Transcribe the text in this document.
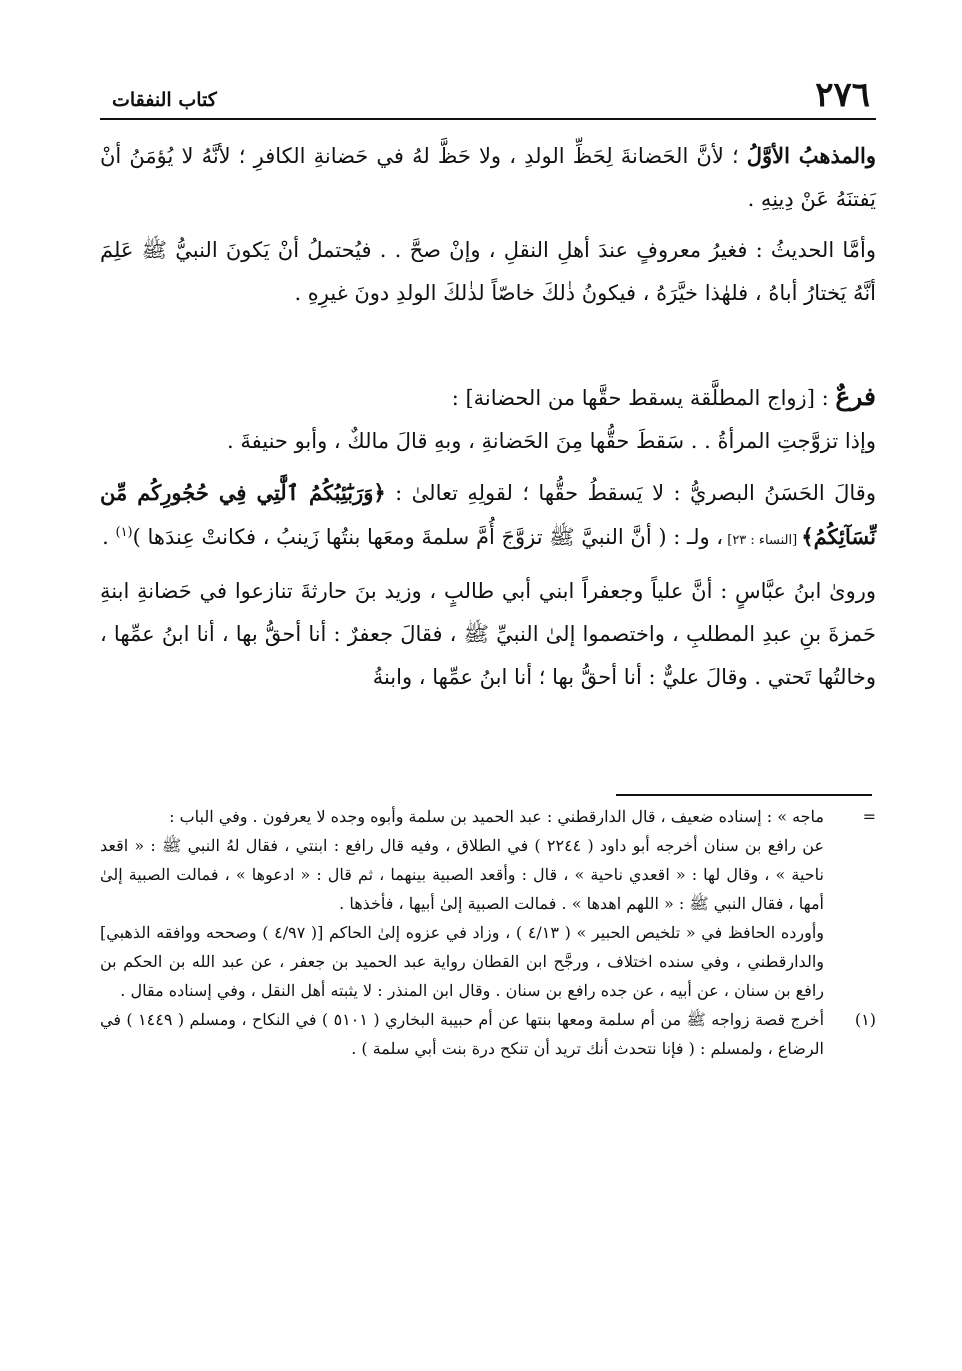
٢٧٦
كتاب النفقات

والمذهبُ الأوَّلُ ؛ لأنَّ الحَضانةَ لِحَظِّ الولدِ ، ولا حَظَّ لهُ في حَضانةِ الكافرِ ؛ لأنَّهُ لا يُؤمَنُ أنْ يَفتنَهُ عَنْ دِينِهِ .

وأمَّا الحديثُ : فغيرُ معروفٍ عندَ أهلِ النقلِ ، وإنْ صحَّ . . فيُحتملُ أنْ يَكونَ النبيُّ ﷺ عَلِمَ أنَّهُ يَختارُ أباهُ ، فلهٰذا خيَّرَهُ ، فيكونُ ذٰلكَ خاصّاً لذٰلكَ الولدِ دونَ غيرِهِ .

فرعٌ : [زواج المطلَّقة يسقط حقَّها من الحضانة] :

وإذا تزوَّجتِ المرأةُ . . سَقطَ حقُّها مِنَ الحَضانةِ ، وبهِ قالَ مالكٌ ، وأبو حنيفةَ .

وقالَ الحَسَنُ البصريُّ : لا يَسقطُ حقُّها ؛ لقولِهِ تعالىٰ : ﴿وَرَبَٰٓئِبُكُمُ ٱلَّٰتِي فِي حُجُورِكُم مِّن نِّسَآئِكُمُ﴾ [النساء : ٢٣] ، ولـ : ( أنَّ النبيَّ ﷺ تزوَّجَ أُمَّ سلمةَ ومعَها بنتُها زَينبُ ، فكانتْ عِندَها )$^{(١)}$ .

وروىٰ ابنُ عبَّاسٍ : أنَّ علياً وجعفراً ابني أبي طالبٍ ، وزيد بنَ حارثةَ تنازعوا في حَضانةِ ابنةِ حَمزةَ بنِ عبدِ المطلبِ ، واختصموا إلىٰ النبيِّ ﷺ ، فقالَ جعفرٌ : أنا أحقُّ بها ، أنا ابنُ عمِّها ، وخالتُها تَحتي . وقالَ عليٌّ : أنا أحقُّ بها ؛ أنا ابنُ عمِّها ، وابنةُ

=

ماجه » : إسناده ضعيف ، قال الدارقطني : عبد الحميد بن سلمة وأبوه وجده لا يعرفون . وفي الباب :

عن رافع بن سنان أخرجه أبو داود ( ٢٢٤٤ ) في الطلاق ، وفيه قال رافع : ابنتي ، فقال لهُ النبي ﷺ : « اقعد ناحية » ، وقال لها : « اقعدي ناحية » ، قال : وأقعد الصبية بينهما ، ثم قال : « ادعوها » ، فمالت الصبية إلىٰ أمها ، فقال النبي ﷺ : « اللهم اهدها » . فمالت الصبية إلىٰ أبيها ، فأخذها .

وأورده الحافظ في « تلخيص الحبير » ( ٤/١٣ ) ، وزاد في عزوه إلىٰ الحاكم [( ٤/٩٧ ) وصححه ووافقه الذهبي] والدارقطني ، وفي سنده اختلاف ، ورجَّح ابن القطان رواية عبد الحميد بن جعفر ، عن عبد الله بن الحكم بن رافع بن سنان ، عن أبيه ، عن جده رافع بن سنان . وقال ابن المنذر : لا يثبته أهل النقل ، وفي إسناده مقال .

(١)

أخرج قصة زواجه ﷺ من أم سلمة ومعها بنتها عن أم حبيبة البخاري ( ٥١٠١ ) في النكاح ، ومسلم ( ١٤٤٩ ) في الرضاع ، ولمسلم : ( فإنا نتحدث أنك تريد أن تنكح درة بنت أبي سلمة ) .
